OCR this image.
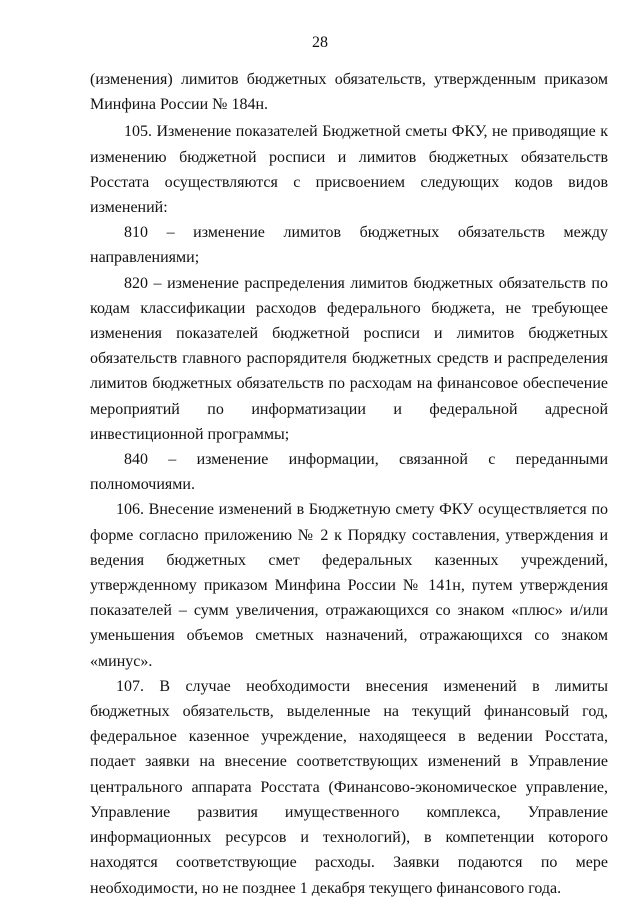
28

(изменения) лимитов бюджетных обязательств, утвержденным приказом Минфина России № 184н.

105. Изменение показателей Бюджетной сметы ФКУ, не приводящие к изменению бюджетной росписи и лимитов бюджетных обязательств Росстата осуществляются с присвоением следующих кодов видов изменений:

810 – изменение лимитов бюджетных обязательств между

направлениями;

820 – изменение распределения лимитов бюджетных обязательств по кодам классификации расходов федерального бюджета, не требующее изменения показателей бюджетной росписи и лимитов бюджетных обязательств главного распорядителя бюджетных средств и распределения лимитов бюджетных обязательств по расходам на финансовое обеспечение мероприятий по информатизации и федеральной адресной инвестиционной программы;

840 – изменение информации, связанной с переданными полномочиями.

106. Внесение изменений в Бюджетную смету ФКУ осуществляется по форме согласно приложению № 2 к Порядку составления, утверждения и ведения бюджетных смет федеральных казенных учреждений, утвержденному приказом Минфина России № 141н, путем утверждения показателей – сумм увеличения, отражающихся со знаком «плюс» и/или уменьшения объемов сметных назначений, отражающихся со знаком «минус».

107. В случае необходимости внесения изменений в лимиты бюджетных обязательств, выделенные на текущий финансовый год, федеральное казенное учреждение, находящееся в ведении Росстата, подает заявки на внесение соответствующих изменений в Управление центрального аппарата Росстата (Финансово-экономическое управление, Управление развития имущественного комплекса, Управление информационных ресурсов и технологий), в компетенции которого находятся соответствующие расходы. Заявки подаются по мере необходимости, но не позднее 1 декабря текущего финансового года.
